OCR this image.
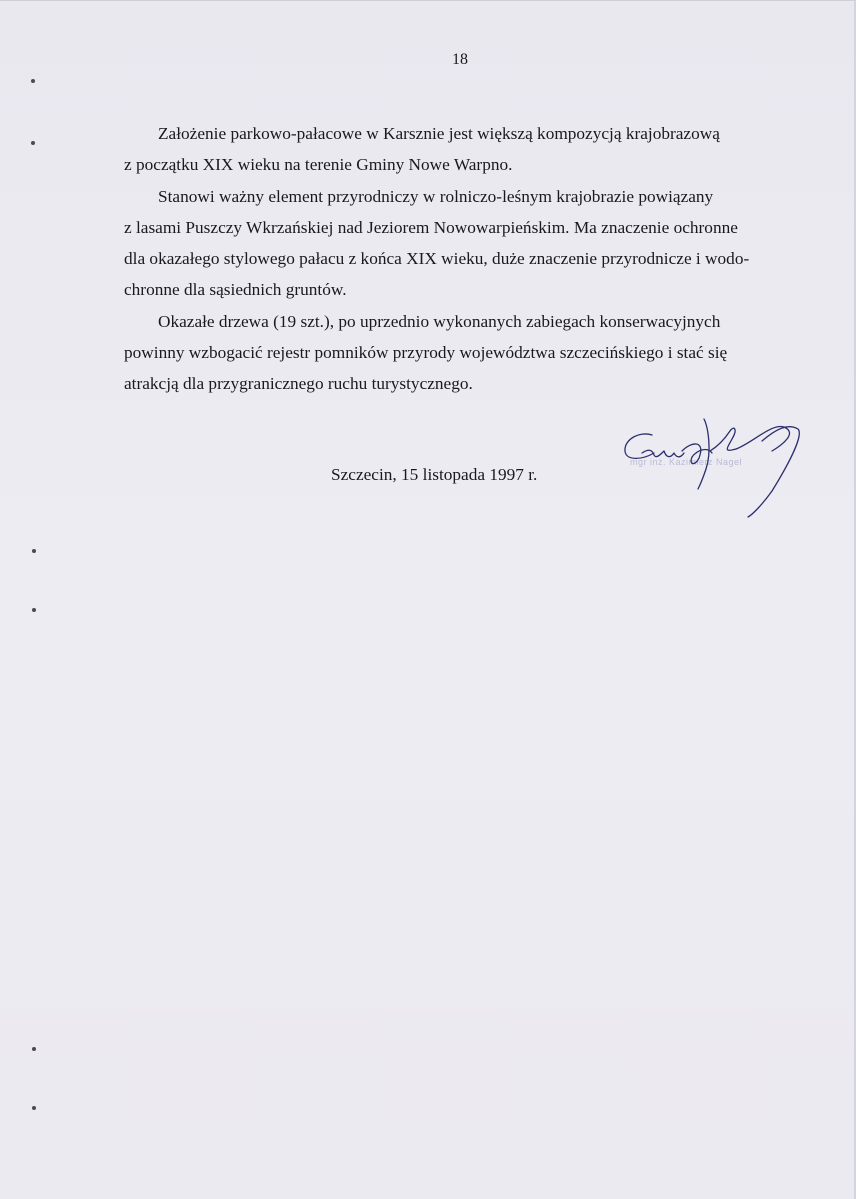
18

Założenie parkowo-pałacowe w Karsznie jest większą kompozycją krajobrazową
z początku XIX wieku na terenie Gminy Nowe Warpno.

Stanowi ważny element przyrodniczy w rolniczo-leśnym krajobrazie powiązany
z lasami Puszczy Wkrzańskiej nad Jeziorem Nowowarpieńskim. Ma znaczenie ochronne
dla okazałego stylowego pałacu z końca XIX wieku, duże znaczenie przyrodnicze i wodo-
chronne dla sąsiednich gruntów.

Okazałe drzewa (19 szt.), po uprzednio wykonanych zabiegach konserwacyjnych
powinny wzbogacić rejestr pomników przyrody województwa szczecińskiego i stać się
atrakcją dla przygranicznego ruchu turystycznego.

Szczecin, 15 listopada 1997 r.
mgr inż. Kazimierz Nagel
